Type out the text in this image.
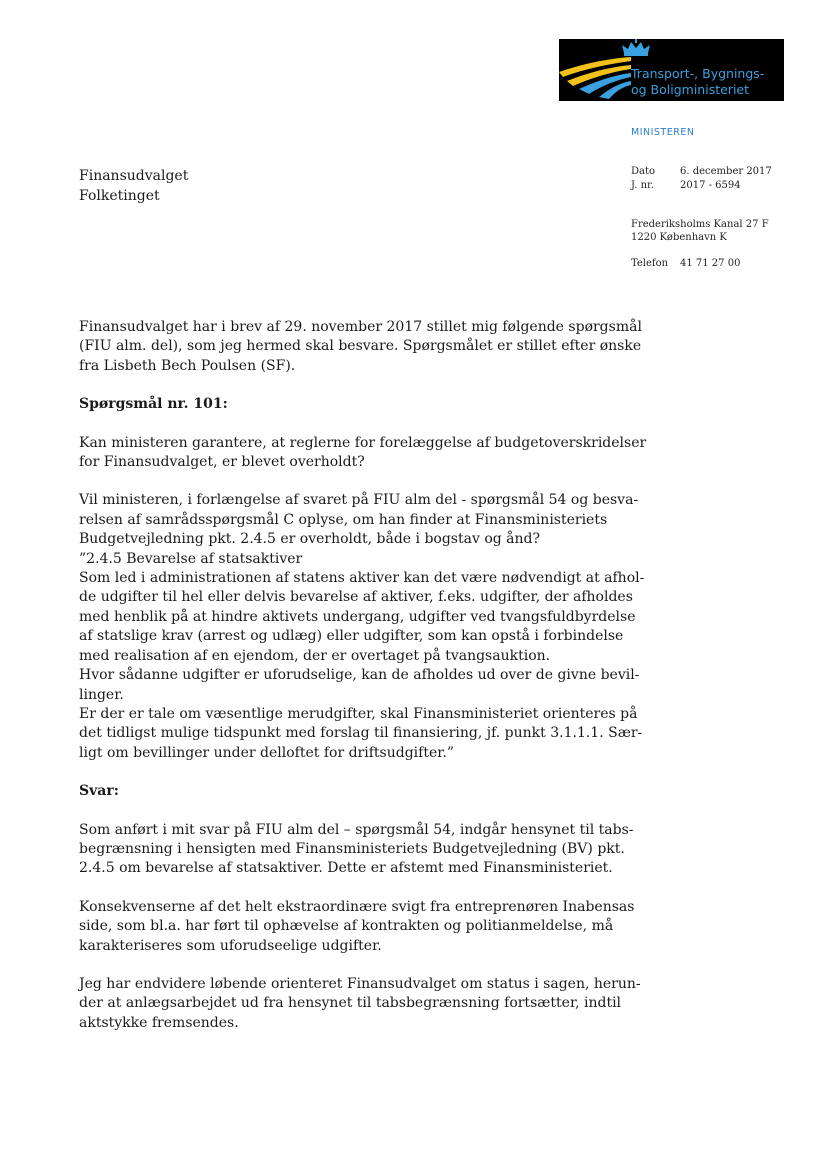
Transport-, Bygnings-
og Boligministeriet
MINISTEREN
Dato 6. december 2017
J. nr.	2017 - 6594
Frederiksholms Kanal 27 F
1220 København K
Telefon 41 71 27 00
Finansudvalget
Folketinget

Finansudvalget har i brev af 29. november 2017 stillet mig følgende spørgsmål
(FIU alm. del), som jeg hermed skal besvare. Spørgsmålet er stillet efter ønske
fra Lisbeth Bech Poulsen (SF).

Spørgsmål nr. 101:

Kan ministeren garantere, at reglerne for forelæggelse af budgetoverskridelser
for Finansudvalget, er blevet overholdt?

Vil ministeren, i forlængelse af svaret på FIU alm del - spørgsmål 54 og besva-
relsen af samrådsspørgsmål C oplyse, om han finder at Finansministeriets
Budgetvejledning pkt. 2.4.5 er overholdt, både i bogstav og ånd?
”2.4.5 Bevarelse af statsaktiver
Som led i administrationen af statens aktiver kan det være nødvendigt at afhol-
de udgifter til hel eller delvis bevarelse af aktiver, f.eks. udgifter, der afholdes
med henblik på at hindre aktivets undergang, udgifter ved tvangsfuldbyrdelse
af statslige krav (arrest og udlæg) eller udgifter, som kan opstå i forbindelse
med realisation af en ejendom, der er overtaget på tvangsauktion.
Hvor sådanne udgifter er uforudselige, kan de afholdes ud over de givne bevil-
linger.
Er der er tale om væsentlige merudgifter, skal Finansministeriet orienteres på
det tidligst mulige tidspunkt med forslag til finansiering, jf. punkt 3.1.1.1. Sær-
ligt om bevillinger under delloftet for driftsudgifter.”

Svar:

Som anført i mit svar på FIU alm del – spørgsmål 54, indgår hensynet til tabs-
begrænsning i hensigten med Finansministeriets Budgetvejledning (BV) pkt.
2.4.5 om bevarelse af statsaktiver. Dette er afstemt med Finansministeriet.

Konsekvenserne af det helt ekstraordinære svigt fra entreprenøren Inabensas
side, som bl.a. har ført til ophævelse af kontrakten og politianmeldelse, må
karakteriseres som uforudseelige udgifter.

Jeg har endvidere løbende orienteret Finansudvalget om status i sagen, herun-
der at anlægsarbejdet ud fra hensynet til tabsbegrænsning fortsætter, indtil
aktstykke fremsendes.
